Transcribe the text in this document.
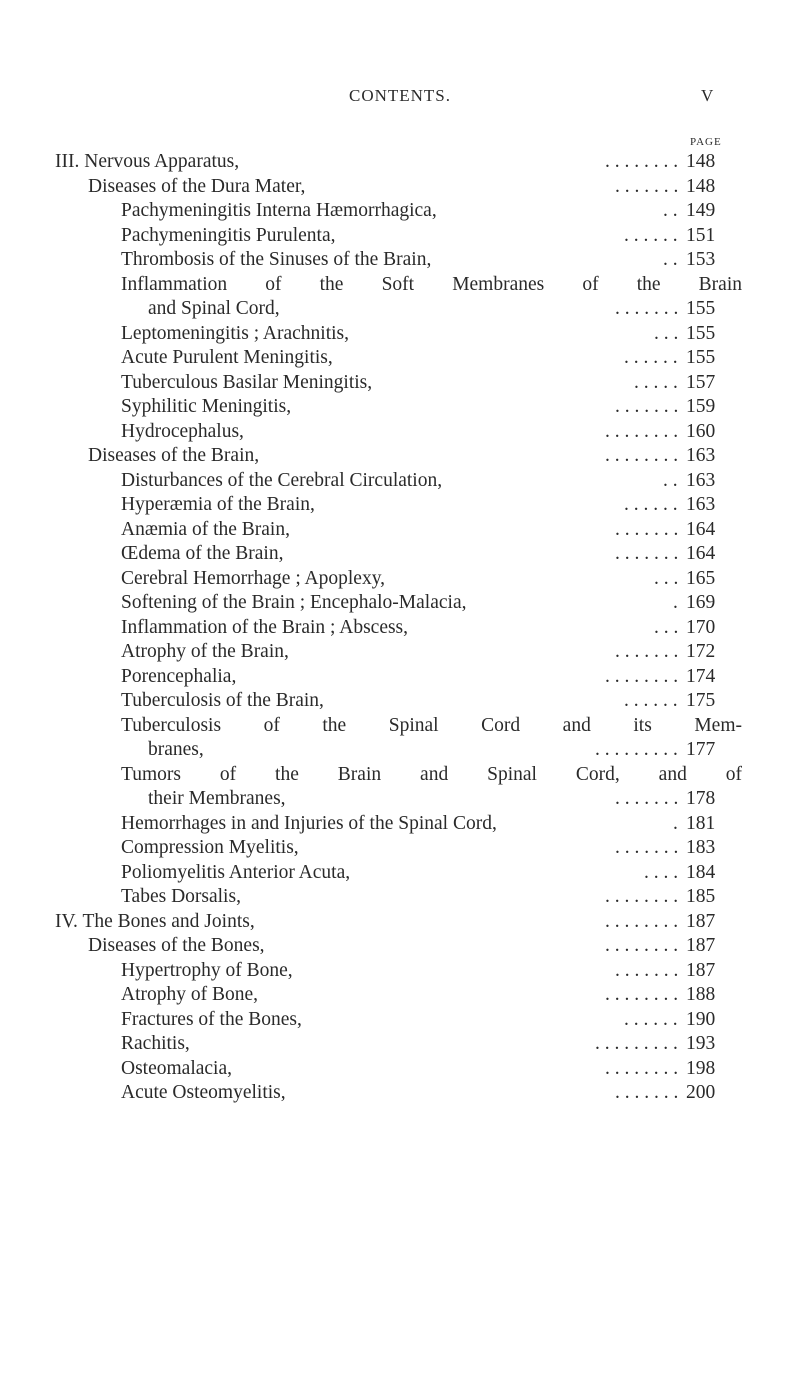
CONTENTS.	V
PAGE
III. Nervous Apparatus,	. . . . . . . . 148
Diseases of the Dura Mater,	. . . . . . . 148
Pachymeningitis Interna Hæmorrhagica,	. . 149
Pachymeningitis Purulenta,	. . . . . . 151
Thrombosis of the Sinuses of the Brain,	. . 153
Inflammation of the Soft Membranes of the Brain
and Spinal Cord,	. . . . . . . 155
Leptomeningitis ; Arachnitis,	. . . 155
Acute Purulent Meningitis,	. . . . . . 155
Tuberculous Basilar Meningitis,	. . . . . 157
Syphilitic Meningitis,	. . . . . . . 159
Hydrocephalus,	. . . . . . . . 160
Diseases of the Brain,	. . . . . . . . 163
Disturbances of the Cerebral Circulation,	. . 163
Hyperæmia of the Brain,	. . . . . . 163
Anæmia of the Brain,	. . . . . . . 164
Œdema of the Brain,	. . . . . . . 164
Cerebral Hemorrhage ; Apoplexy,	. . . 165
Softening of the Brain ; Encephalo-Malacia,	. 169
Inflammation of the Brain ; Abscess,	. . . 170
Atrophy of the Brain,	. . . . . . . 172
Porencephalia,	. . . . . . . . 174
Tuberculosis of the Brain,	. . . . . . 175
Tuberculosis of the Spinal Cord and its Mem-
branes,	. . . . . . . . . 177
Tumors of the Brain and Spinal Cord, and of
their Membranes,	. . . . . . . 178
Hemorrhages in and Injuries of the Spinal Cord,	. 181
Compression Myelitis,	. . . . . . . 183
Poliomyelitis Anterior Acuta,	. . . . 184
Tabes Dorsalis,	. . . . . . . . 185
IV. The Bones and Joints,	. . . . . . . . 187
Diseases of the Bones,	. . . . . . . . 187
Hypertrophy of Bone,	. . . . . . . 187
Atrophy of Bone,	. . . . . . . . 188
Fractures of the Bones,	. . . . . . 190
Rachitis,	. . . . . . . . . 193
Osteomalacia,	. . . . . . . . 198
Acute Osteomyelitis,	. . . . . . . 200
